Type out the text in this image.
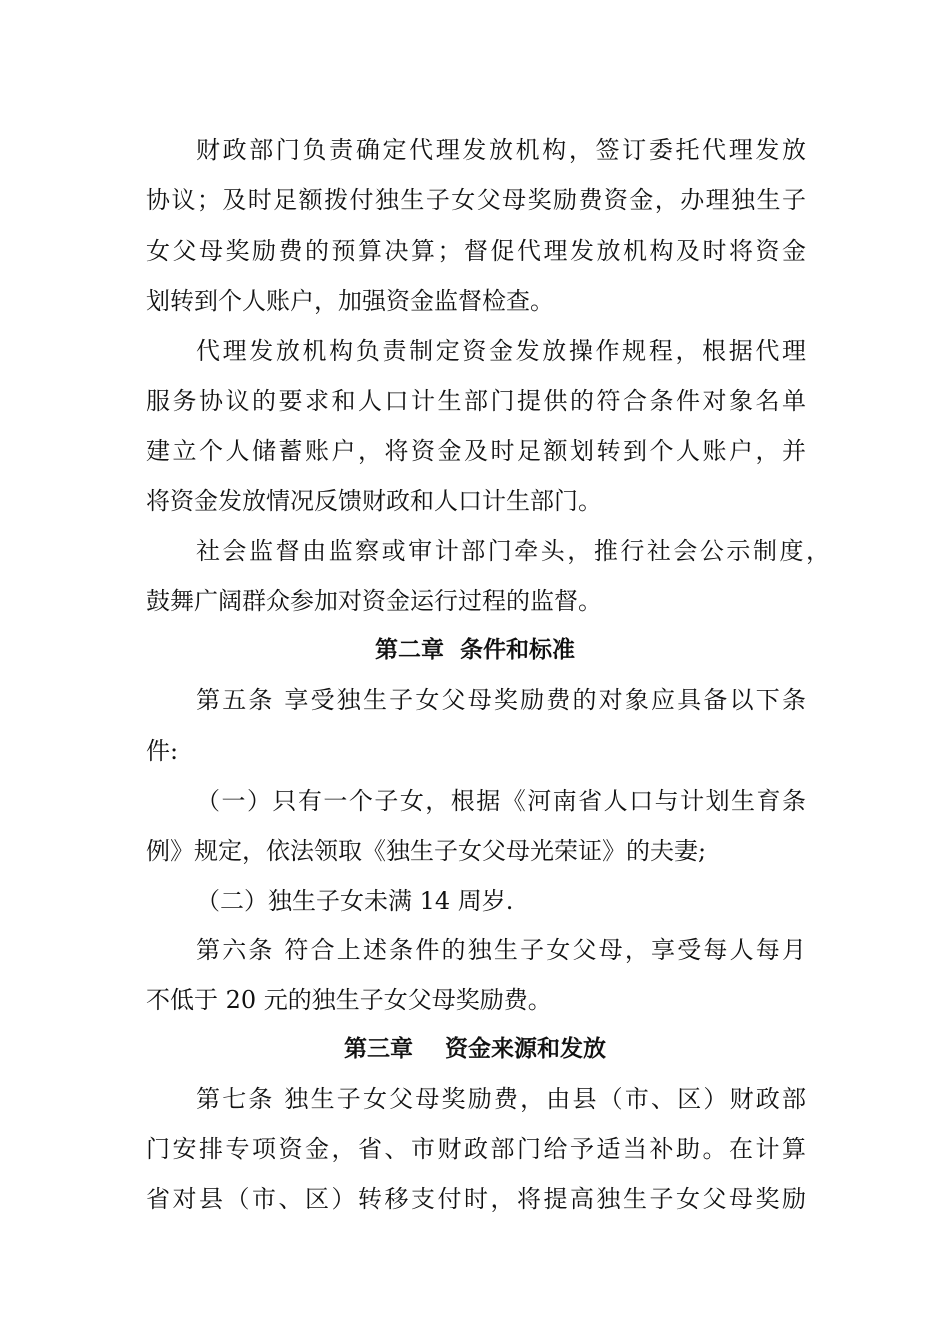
财政部门负责确定代理发放机构，签订委托代理发放
协议；及时足额拨付独生子女父母奖励费资金，办理独生子
女父母奖励费的预算决算；督促代理发放机构及时将资金
划转到个人账户，加强资金监督检查。
代理发放机构负责制定资金发放操作规程，根据代理
服务协议的要求和人口计生部门提供的符合条件对象名单
建立个人储蓄账户，将资金及时足额划转到个人账户，并
将资金发放情况反馈财政和人口计生部门。
社会监督由监察或审计部门牵头，推行社会公示制度，
鼓舞广阔群众参加对资金运行过程的监督。
第二章  条件和标准
第五条 享受独生子女父母奖励费的对象应具备以下条
件:
（一）只有一个子女，根据《河南省人口与计划生育条
例》规定，依法领取《独生子女父母光荣证》的夫妻;
（二）独生子女未满 14 周岁.
第六条 符合上述条件的独生子女父母，享受每人每月
不低于 20 元的独生子女父母奖励费。
第三章    资金来源和发放
第七条 独生子女父母奖励费，由县（市、区）财政部
门安排专项资金，省、市财政部门给予适当补助。在计算
省对县（市、区）转移支付时，将提高独生子女父母奖励
